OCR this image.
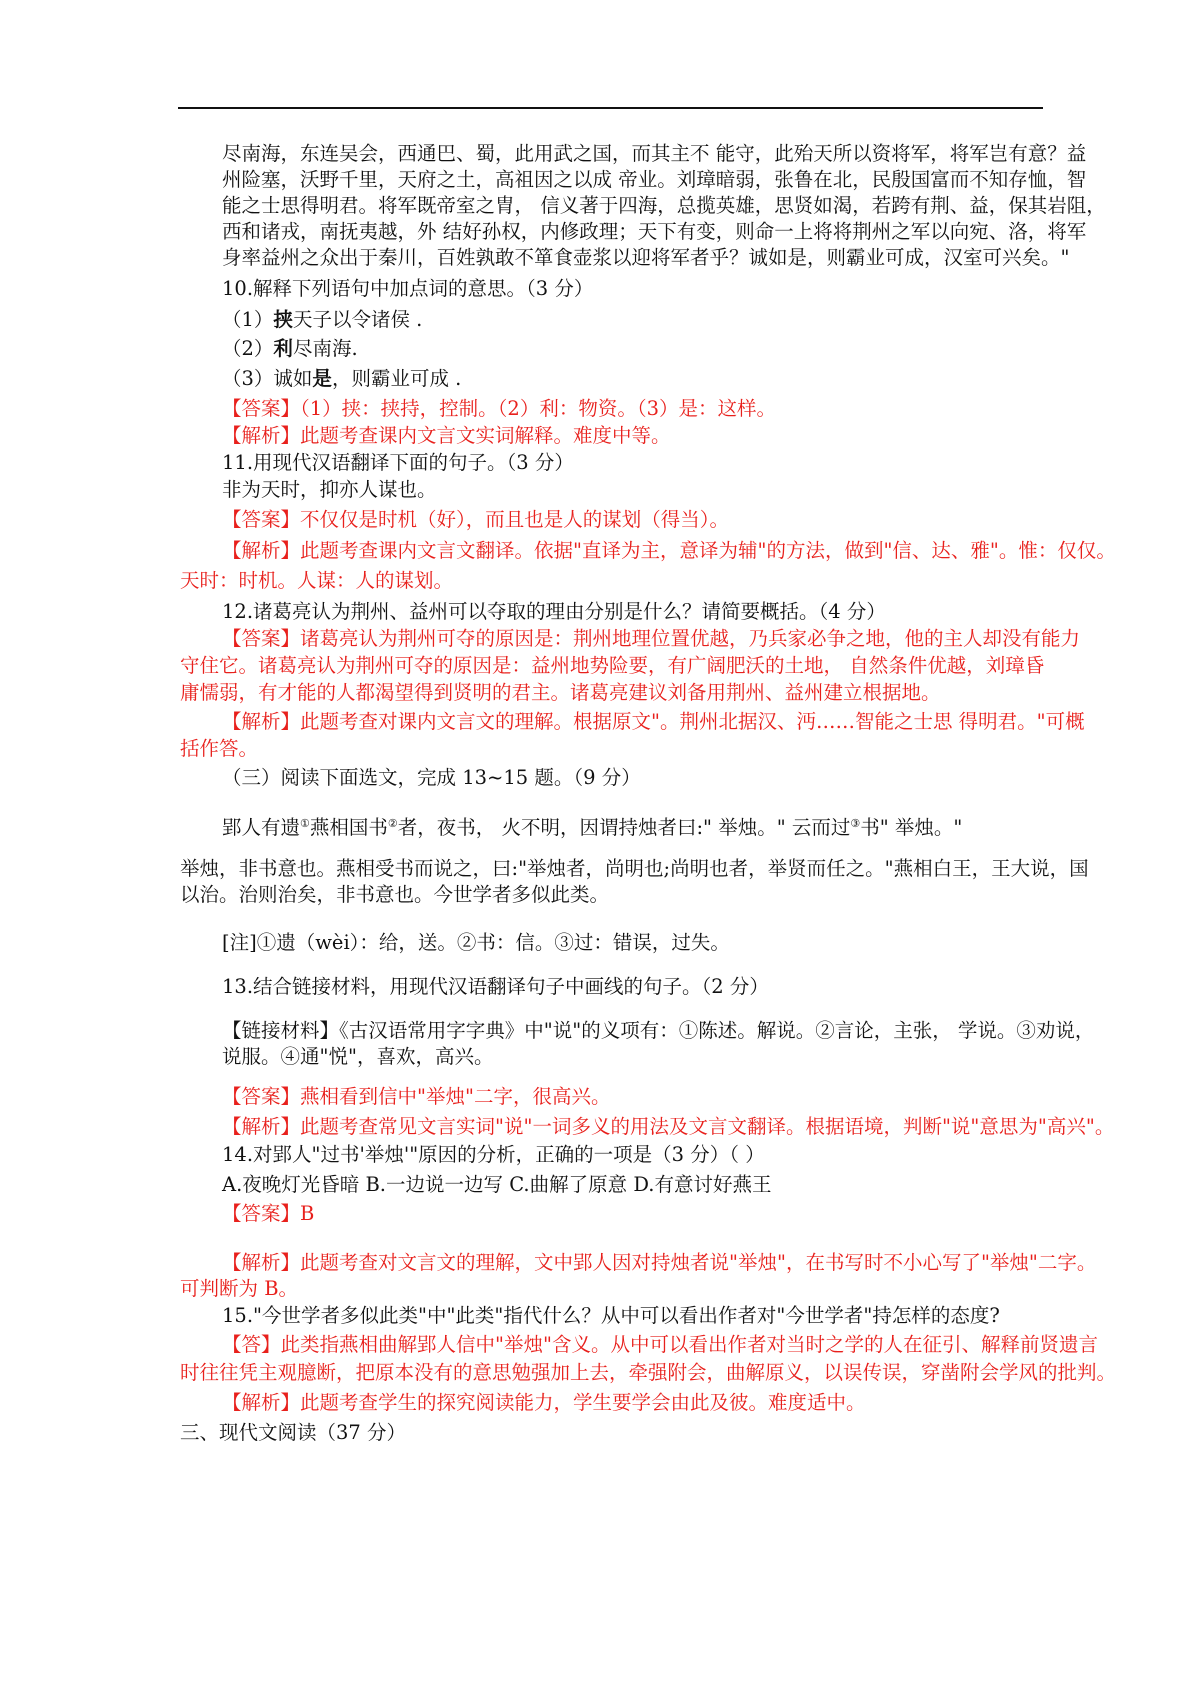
尽南海，东连吴会，西通巴、蜀，此用武之国，而其主不 能守，此殆天所以资将军，将军岂有意？益
州险塞，沃野千里，天府之土，高祖因之以成 帝业。刘璋暗弱，张鲁在北，民殷国富而不知存恤，智
能之士思得明君。将军既帝室之胄， 信义著于四海，总揽英雄，思贤如渴，若跨有荆、益，保其岩阻，
西和诸戎，南抚夷越，外 结好孙权，内修政理；天下有变，则命一上将将荆州之军以向宛、洛，将军
身率益州之众出于秦川，百姓孰敢不箪食壶浆以迎将军者乎？诚如是，则霸业可成，汉室可兴矣。"
10.解释下列语句中加点词的意思。（3 分）
（1）挟天子以令诸侯 .
（2）利尽南海.
（3）诚如是，则霸业可成 .
【答案】（1）挟：挟持，控制。（2）利：物资。（3）是：这样。
【解析】此题考查课内文言文实词解释。难度中等。
11.用现代汉语翻译下面的句子。（3 分）
非为天时，抑亦人谋也。
【答案】不仅仅是时机（好），而且也是人的谋划（得当）。
【解析】此题考查课内文言文翻译。依据"直译为主，意译为辅"的方法，做到"信、达、雅"。惟：仅仅。
天时：时机。人谋：人的谋划。
12.诸葛亮认为荆州、益州可以夺取的理由分别是什么？请简要概括。（4 分）
【答案】诸葛亮认为荆州可夺的原因是：荆州地理位置优越，乃兵家必争之地，他的主人却没有能力
守住它。诸葛亮认为荆州可夺的原因是：益州地势险要，有广阔肥沃的土地， 自然条件优越，刘璋昏
庸懦弱，有才能的人都渴望得到贤明的君主。诸葛亮建议刘备用荆州、益州建立根据地。
【解析】此题考查对课内文言文的理解。根据原文"。荆州北据汉、沔……智能之士思 得明君。"可概
括作答。
（三）阅读下面选文，完成 13~15 题。（9 分）
郢人有遗①燕相国书②者，夜书， 火不明，因谓持烛者曰:" 举烛。" 云而过③书" 举烛。"
举烛，非书意也。燕相受书而说之，曰:"举烛者，尚明也;尚明也者，举贤而任之。"燕相白王，王大说，国
以治。治则治矣，非书意也。今世学者多似此类。
[注]①遗（wèi）：给，送。②书：信。③过：错误，过失。
13.结合链接材料，用现代汉语翻译句子中画线的句子。（2 分）
【链接材料】《古汉语常用字字典》中"说"的义项有：①陈述。解说。②言论，主张， 学说。③劝说，
说服。④通"悦"，喜欢，高兴。
【答案】燕相看到信中"举烛"二字，很高兴。
【解析】此题考查常见文言实词"说"一词多义的用法及文言文翻译。根据语境，判断"说"意思为"高兴"。
14.对郢人"过书'举烛'"原因的分析，正确的一项是（3 分）（ ）
A.夜晚灯光昏暗 B.一边说一边写 C.曲解了原意 D.有意讨好燕王
【答案】B
【解析】此题考查对文言文的理解，文中郢人因对持烛者说"举烛"，在书写时不小心写了"举烛"二字。
可判断为 B。
15."今世学者多似此类"中"此类"指代什么？从中可以看出作者对"今世学者"持怎样的态度?
【答】此类指燕相曲解郢人信中"举烛"含义。从中可以看出作者对当时之学的人在征引、解释前贤遗言
时往往凭主观臆断，把原本没有的意思勉强加上去，牵强附会，曲解原义，以误传误，穿凿附会学风的批判。
【解析】此题考查学生的探究阅读能力，学生要学会由此及彼。难度适中。
三、现代文阅读（37 分）
